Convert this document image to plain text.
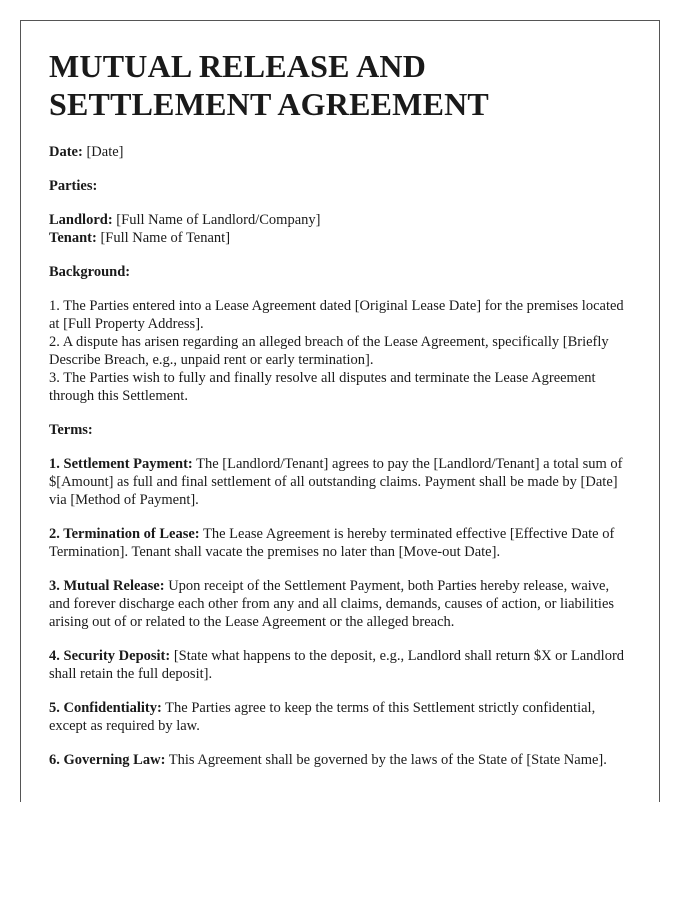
MUTUAL RELEASE AND SETTLEMENT AGREEMENT

Date: [Date]

Parties:

Landlord: [Full Name of Landlord/Company]
Tenant: [Full Name of Tenant]

Background:

1. The Parties entered into a Lease Agreement dated [Original Lease Date] for the premises located at [Full Property Address].
2. A dispute has arisen regarding an alleged breach of the Lease Agreement, specifically [Briefly Describe Breach, e.g., unpaid rent or early termination].
3. The Parties wish to fully and finally resolve all disputes and terminate the Lease Agreement through this Settlement.

Terms:

1. Settlement Payment: The [Landlord/Tenant] agrees to pay the [Landlord/Tenant] a total sum of $[Amount] as full and final settlement of all outstanding claims. Payment shall be made by [Date] via [Method of Payment].

2. Termination of Lease: The Lease Agreement is hereby terminated effective [Effective Date of Termination]. Tenant shall vacate the premises no later than [Move-out Date].

3. Mutual Release: Upon receipt of the Settlement Payment, both Parties hereby release, waive, and forever discharge each other from any and all claims, demands, causes of action, or liabilities arising out of or related to the Lease Agreement or the alleged breach.

4. Security Deposit: [State what happens to the deposit, e.g., Landlord shall return $X or Landlord shall retain the full deposit].

5. Confidentiality: The Parties agree to keep the terms of this Settlement strictly confidential, except as required by law.

6. Governing Law: This Agreement shall be governed by the laws of the State of [State Name].
